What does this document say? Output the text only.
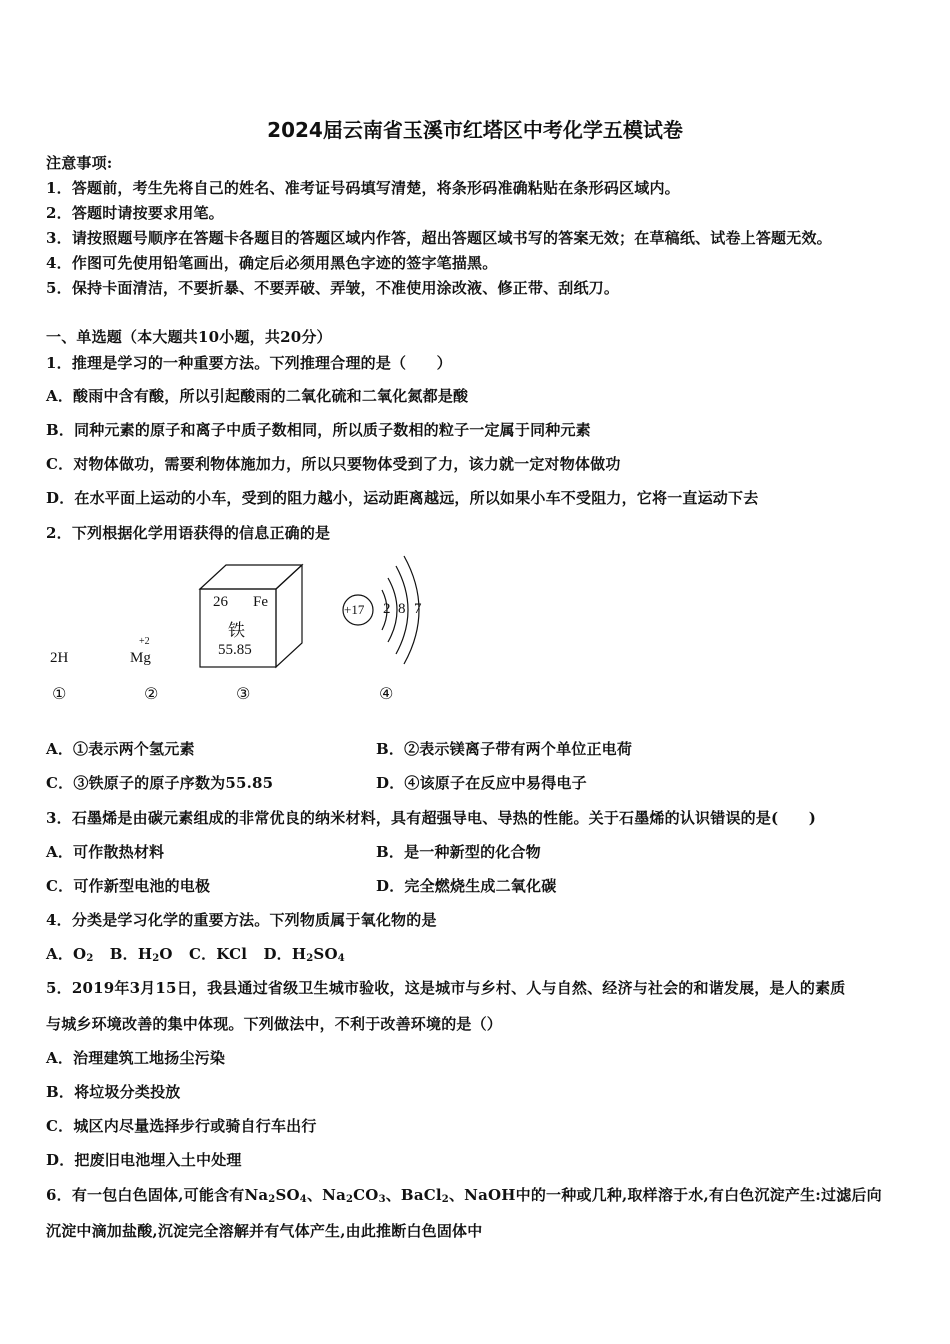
2024届云南省玉溪市红塔区中考化学五模试卷
注意事项:
1．答题前，考生先将自己的姓名、准考证号码填写清楚，将条形码准确粘贴在条形码区域内。
2．答题时请按要求用笔。
3．请按照题号顺序在答题卡各题目的答题区域内作答，超出答题区域书写的答案无效；在草稿纸、试卷上答题无效。
4．作图可先使用铅笔画出，确定后必须用黑色字迹的签字笔描黑。
5．保持卡面清洁，不要折暴、不要弄破、弄皱，不准使用涂改液、修正带、刮纸刀。
一、单选题（本大题共10小题，共20分）
1．推理是学习的一种重要方法。下列推理合理的是（　　）
A．酸雨中含有酸，所以引起酸雨的二氧化硫和二氧化氮都是酸
B．同种元素的原子和离子中质子数相同，所以质子数相的粒子一定属于同种元素
C．对物体做功，需要利物体施加力，所以只要物体受到了力，该力就一定对物体做功
D．在水平面上运动的小车，受到的阻力越小，运动距离越远，所以如果小车不受阻力，它将一直运动下去
2．下列根据化学用语获得的信息正确的是
2H
+2
Mg
26 Fe
铁
55.85
+17 2 8 7
①	②	③	④
A．①表示两个氢元素	B．②表示镁离子带有两个单位正电荷
C．③铁原子的原子序数为55.85	D．④该原子在反应中易得电子
3．石墨烯是由碳元素组成的非常优良的纳米材料，具有超强导电、导热的性能。关于石墨烯的认识错误的是(　　)
A．可作散热材料	B．是一种新型的化合物
C．可作新型电池的电极	D．完全燃烧生成二氧化碳
4．分类是学习化学的重要方法。下列物质属于氧化物的是
A．$O_2$ B．$H_2O$ C．KCl D．$H_2SO_4$
5．2019年3月15日，我县通过省级卫生城市验收，这是城市与乡村、人与自然、经济与社会的和谐发展，是人的素质
与城乡环境改善的集中体现。下列做法中，不利于改善环境的是（）
A．治理建筑工地扬尘污染
B．将垃圾分类投放
C．城区内尽量选择步行或骑自行车出行
D．把废旧电池埋入土中处理
6．有一包白色固体,可能含有$Na_2SO_4$、$Na_2CO_3$、BaCl$_2$、NaOH中的一种或几种,取样溶于水,有白色沉淀产生:过滤后向
沉淀中滴加盐酸,沉淀完全溶解并有气体产生,由此推断白色固体中
